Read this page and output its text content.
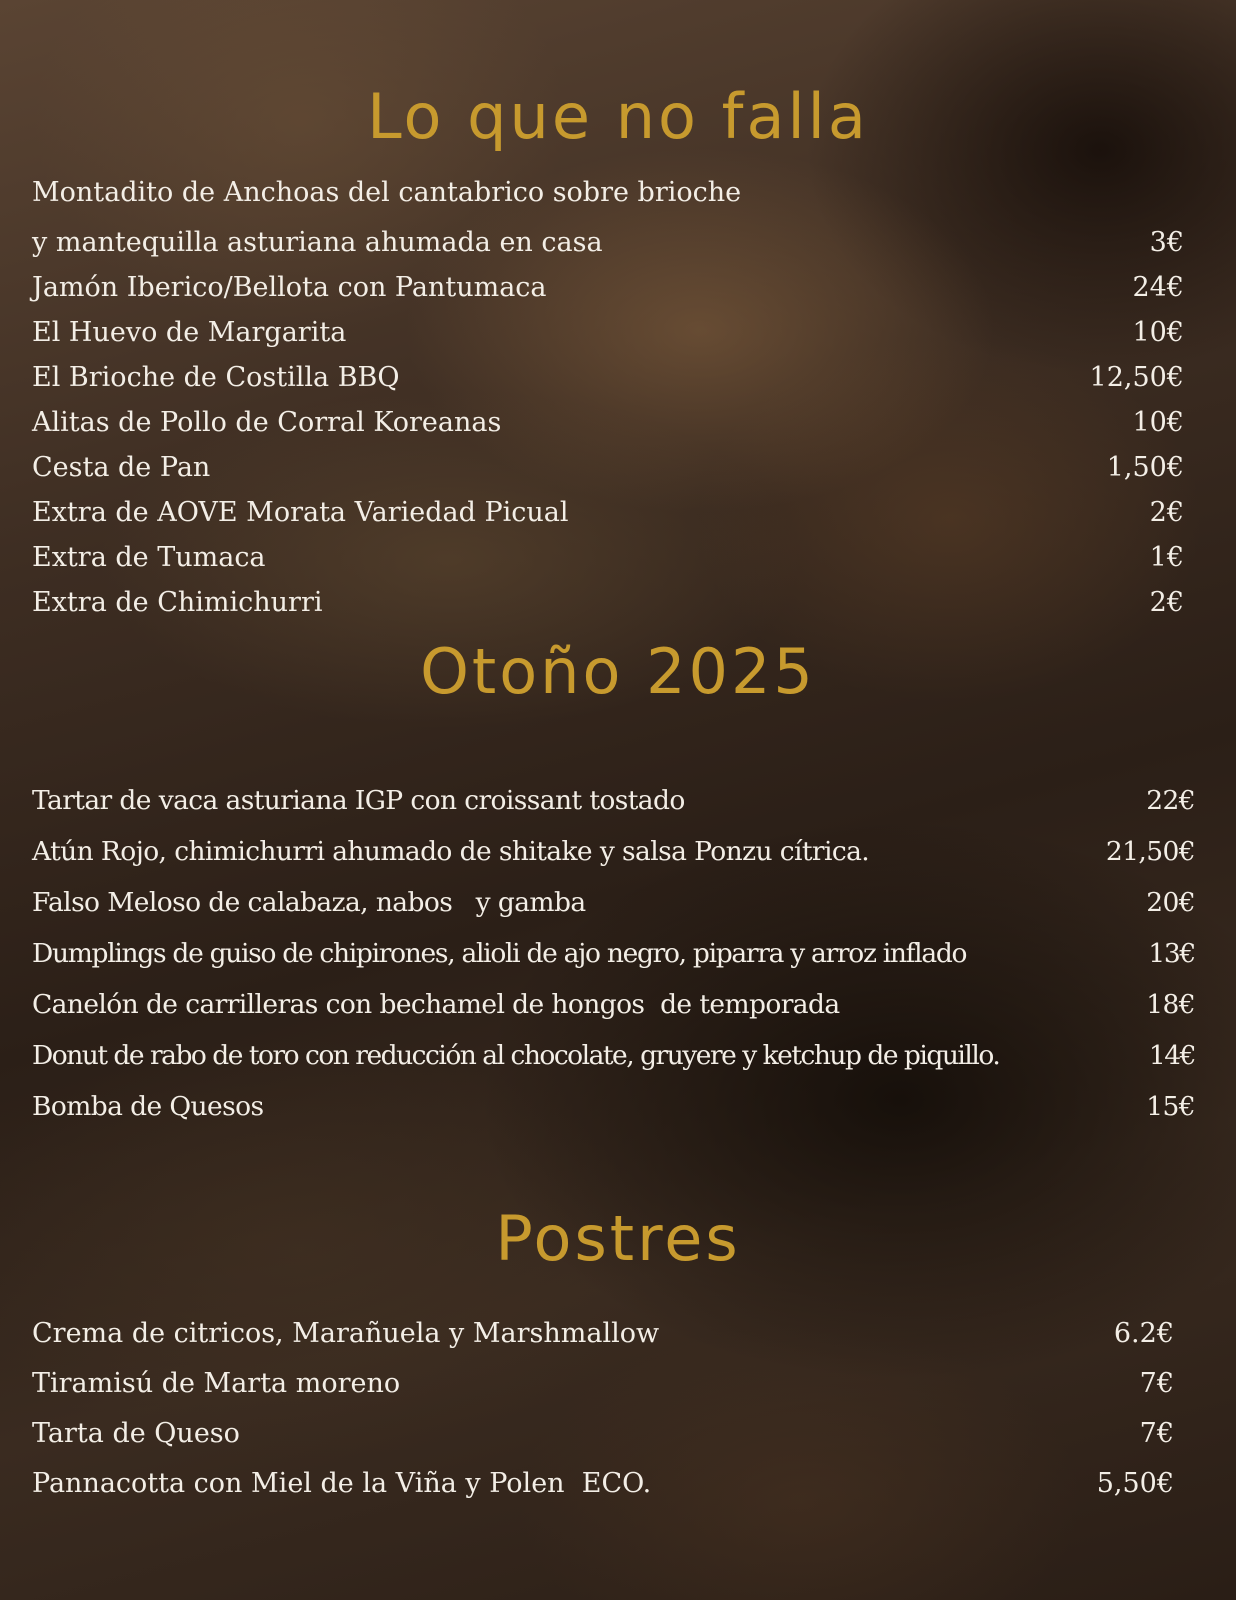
Lo que no falla
Montadito de Anchoas del cantabrico sobre brioche
y mantequilla asturiana ahumada en casa	3€
Jamón Iberico/Bellota con Pantumaca	24€
El Huevo de Margarita	10€
El Brioche de Costilla BBQ	12,50€
Alitas de Pollo de Corral Koreanas	10€
Cesta de Pan	1,50€
Extra de AOVE Morata Variedad Picual	2€
Extra de Tumaca	1€
Extra de Chimichurri	2€
Otoño 2025
Tartar de vaca asturiana IGP con croissant tostado	22€
Atún Rojo, chimichurri ahumado de shitake y salsa Ponzu cítrica.	21,50€
Falso Meloso de calabaza, nabos   y gamba	20€
Dumplings de guiso de chipirones, alioli de ajo negro, piparra y arroz inflado	13€
Canelón de carrilleras con bechamel de hongos  de temporada	18€
Donut de rabo de toro con reducción al chocolate, gruyere y ketchup de piquillo.	14€
Bomba de Quesos	15€
Postres
Crema de citricos, Marañuela y Marshmallow	6.2€
Tiramisú de Marta moreno	7€
Tarta de Queso	7€
Pannacotta con Miel de la Viña y Polen  ECO.	5,50€
